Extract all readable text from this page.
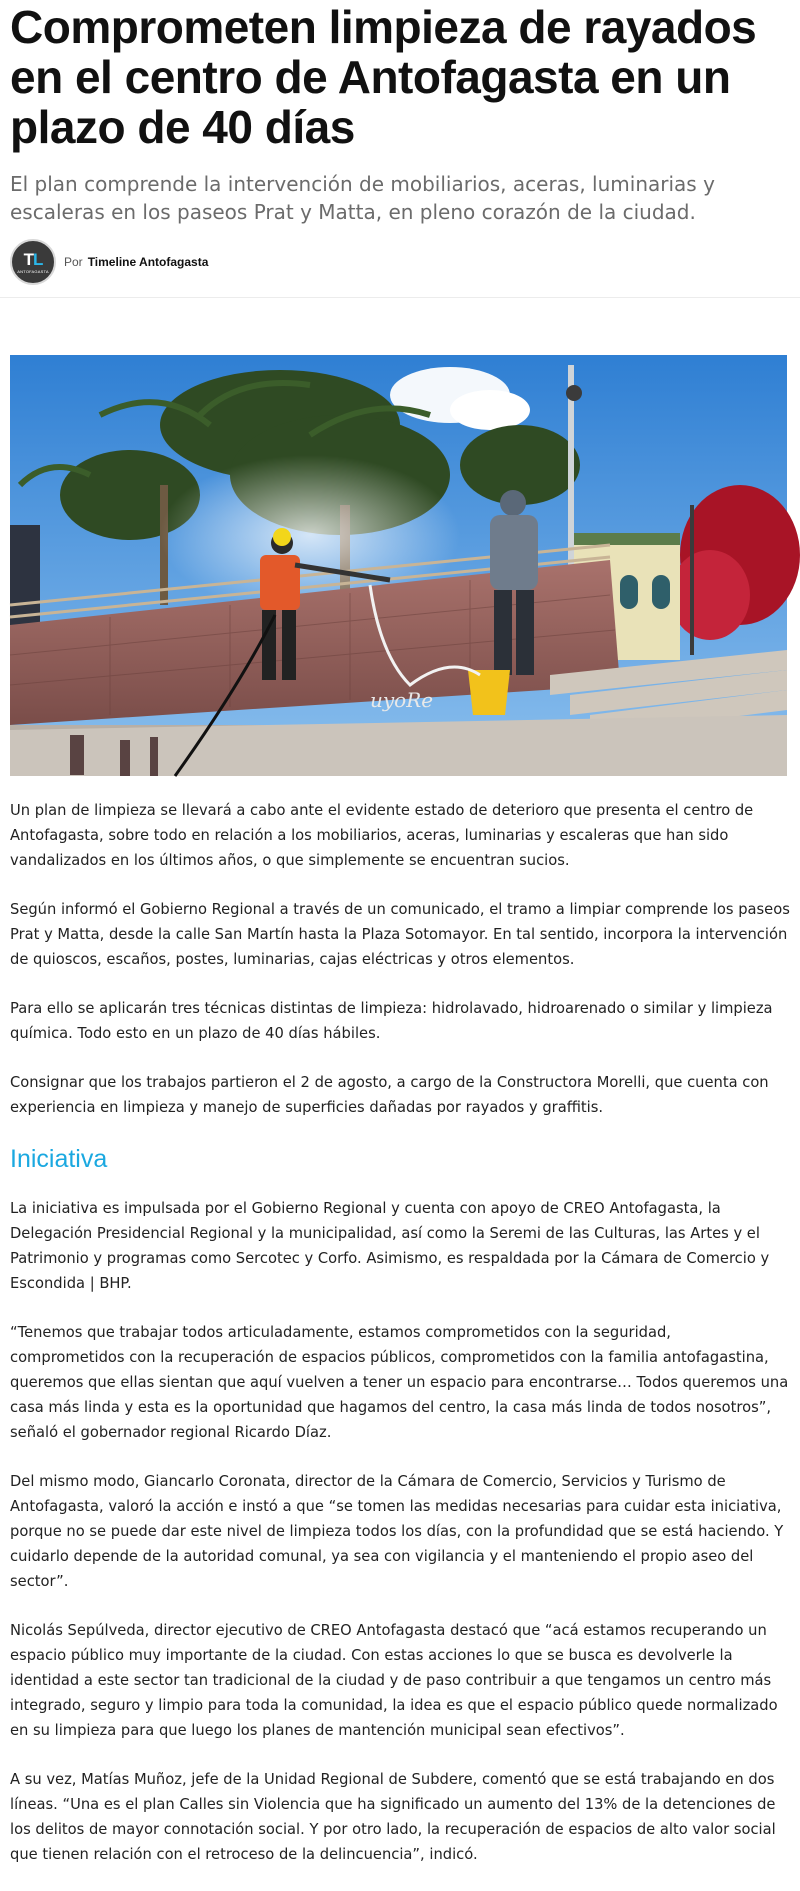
Comprometen limpieza de rayados en el centro de Antofagasta en un plazo de 40 días

El plan comprende la intervención de mobiliarios, aceras, luminarias y escaleras en los paseos Prat y Matta, en pleno corazón de la ciudad.

TL
ANTOFAGASTA
Por Timeline Antofagasta
uyoRe

Un plan de limpieza se llevará a cabo ante el evidente estado de deterioro que presenta el centro de Antofagasta, sobre todo en relación a los mobiliarios, aceras, luminarias y escaleras que han sido vandalizados en los últimos años, o que simplemente se encuentran sucios.

Según informó el Gobierno Regional a través de un comunicado, el tramo a limpiar comprende los paseos Prat y Matta, desde la calle San Martín hasta la Plaza Sotomayor. En tal sentido, incorpora la intervención de quioscos, escaños, postes, luminarias, cajas eléctricas y otros elementos.

Para ello se aplicarán tres técnicas distintas de limpieza: hidrolavado, hidroarenado o similar y limpieza química. Todo esto en un plazo de 40 días hábiles.

Consignar que los trabajos partieron el 2 de agosto, a cargo de la Constructora Morelli, que cuenta con experiencia en limpieza y manejo de superficies dañadas por rayados y graffitis.

Iniciativa

La iniciativa es impulsada por el Gobierno Regional y cuenta con apoyo de CREO Antofagasta, la Delegación Presidencial Regional y la municipalidad, así como la Seremi de las Culturas, las Artes y el Patrimonio y programas como Sercotec y Corfo. Asimismo, es respaldada por la Cámara de Comercio y Escondida | BHP.

“Tenemos que trabajar todos articuladamente, estamos comprometidos con la seguridad, comprometidos con la recuperación de espacios públicos, comprometidos con la familia antofagastina, queremos que ellas sientan que aquí vuelven a tener un espacio para encontrarse… Todos queremos una casa más linda y esta es la oportunidad que hagamos del centro, la casa más linda de todos nosotros”, señaló el gobernador regional Ricardo Díaz.

Del mismo modo, Giancarlo Coronata, director de la Cámara de Comercio, Servicios y Turismo de Antofagasta, valoró la acción e instó a que “se tomen las medidas necesarias para cuidar esta iniciativa, porque no se puede dar este nivel de limpieza todos los días, con la profundidad que se está haciendo. Y cuidarlo depende de la autoridad comunal, ya sea con vigilancia y el manteniendo el propio aseo del sector”.

Nicolás Sepúlveda, director ejecutivo de CREO Antofagasta destacó que “acá estamos recuperando un espacio público muy importante de la ciudad. Con estas acciones lo que se busca es devolverle la identidad a este sector tan tradicional de la ciudad y de paso contribuir a que tengamos un centro más integrado, seguro y limpio para toda la comunidad, la idea es que el espacio público quede normalizado en su limpieza para que luego los planes de mantención municipal sean efectivos”.

A su vez, Matías Muñoz, jefe de la Unidad Regional de Subdere, comentó que se está trabajando en dos líneas. “Una es el plan Calles sin Violencia que ha significado un aumento del 13% de la detenciones de los delitos de mayor connotación social. Y por otro lado, la recuperación de espacios de alto valor social que tienen relación con el retroceso de la delincuencia”, indicó.
